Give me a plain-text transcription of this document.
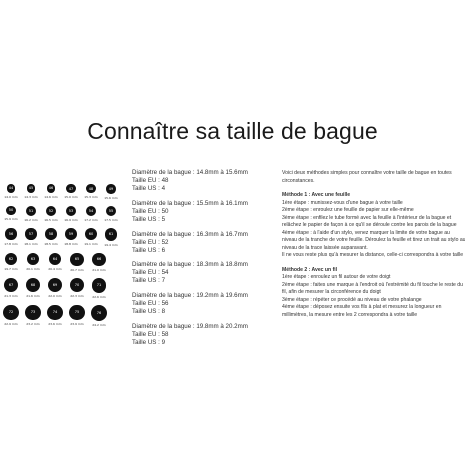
Connaître sa taille de bague
44
14.0 mm
45
14.3 mm
46
14.6 mm
47
15.0 mm
48
15.3 mm
49
15.6 mm
50
15.9 mm
51
16.2 mm
52
16.5 mm
53
16.9 mm
54
17.2 mm
55
17.5 mm
56
17.8 mm
57
18.1 mm
58
18.5 mm
59
18.8 mm
60
19.1 mm
61
19.4 mm
62
19.7 mm
63
20.1 mm
64
20.4 mm
65
20.7 mm
66
21.0 mm
67
21.3 mm
68
21.6 mm
69
22.0 mm
70
22.3 mm
71
22.6 mm
72
22.9 mm
73
23.2 mm
74
23.6 mm
75
23.9 mm
76
24.2 mm
Diamètre de la bague : 14.8mm à 15.6mm
Taille EU : 48
Taille US : 4
Diamètre de la bague : 15.5mm à 16.1mm
Taille EU : 50
Taille US : 5
Diamètre de la bague : 16.3mm à 16.7mm
Taille EU : 52
Taille US : 6
Diamètre de la bague : 18.3mm à 18.8mm
Taille EU : 54
Taille US : 7
Diamètre de la bague : 19.2mm à 19.6mm
Taille EU : 56
Taille US : 8
Diamètre de la bague : 19.8mm à 20.2mm
Taille EU : 58
Taille US : 9

Voici deux méthodes simples pour connaître votre taille de bague en toutes circonstances.

Méthode 1 : Avec une feuille

1ère étape : munissez-vous d'une bague à votre taille

2ème étape : enroulez une feuille de papier sur elle-même

3ème étape : enfilez le tube formé avec la feuille à l'intérieur de la bague et relâchez le papier de façon à ce qu'il se déroule contre les parois de la bague

4ème étape : à l'aide d'un stylo, venez marquer la limite de votre bague au niveau de la tranche de votre feuille. Déroulez la feuille et tirez un trait au stylo au niveau de la trace laissée auparavant.

Il ne vous reste plus qu'à mesurer la distance, celle-ci correspondra à votre taille

Méthode 2 : Avec un fil

1ère étape : enroulez un fil autour de votre doigt

2ème étape : faites une marque à l'endroit où l'extrémité du fil touche le reste du fil, afin de mesurer la circonférence du doigt

3ème étape : répéter ce procédé au niveau de votre phalange

4ème étape : déposez ensuite vos fils à plat et mesurez la longueur en millimètres, la mesure entre les 2 correspondra à votre taille
